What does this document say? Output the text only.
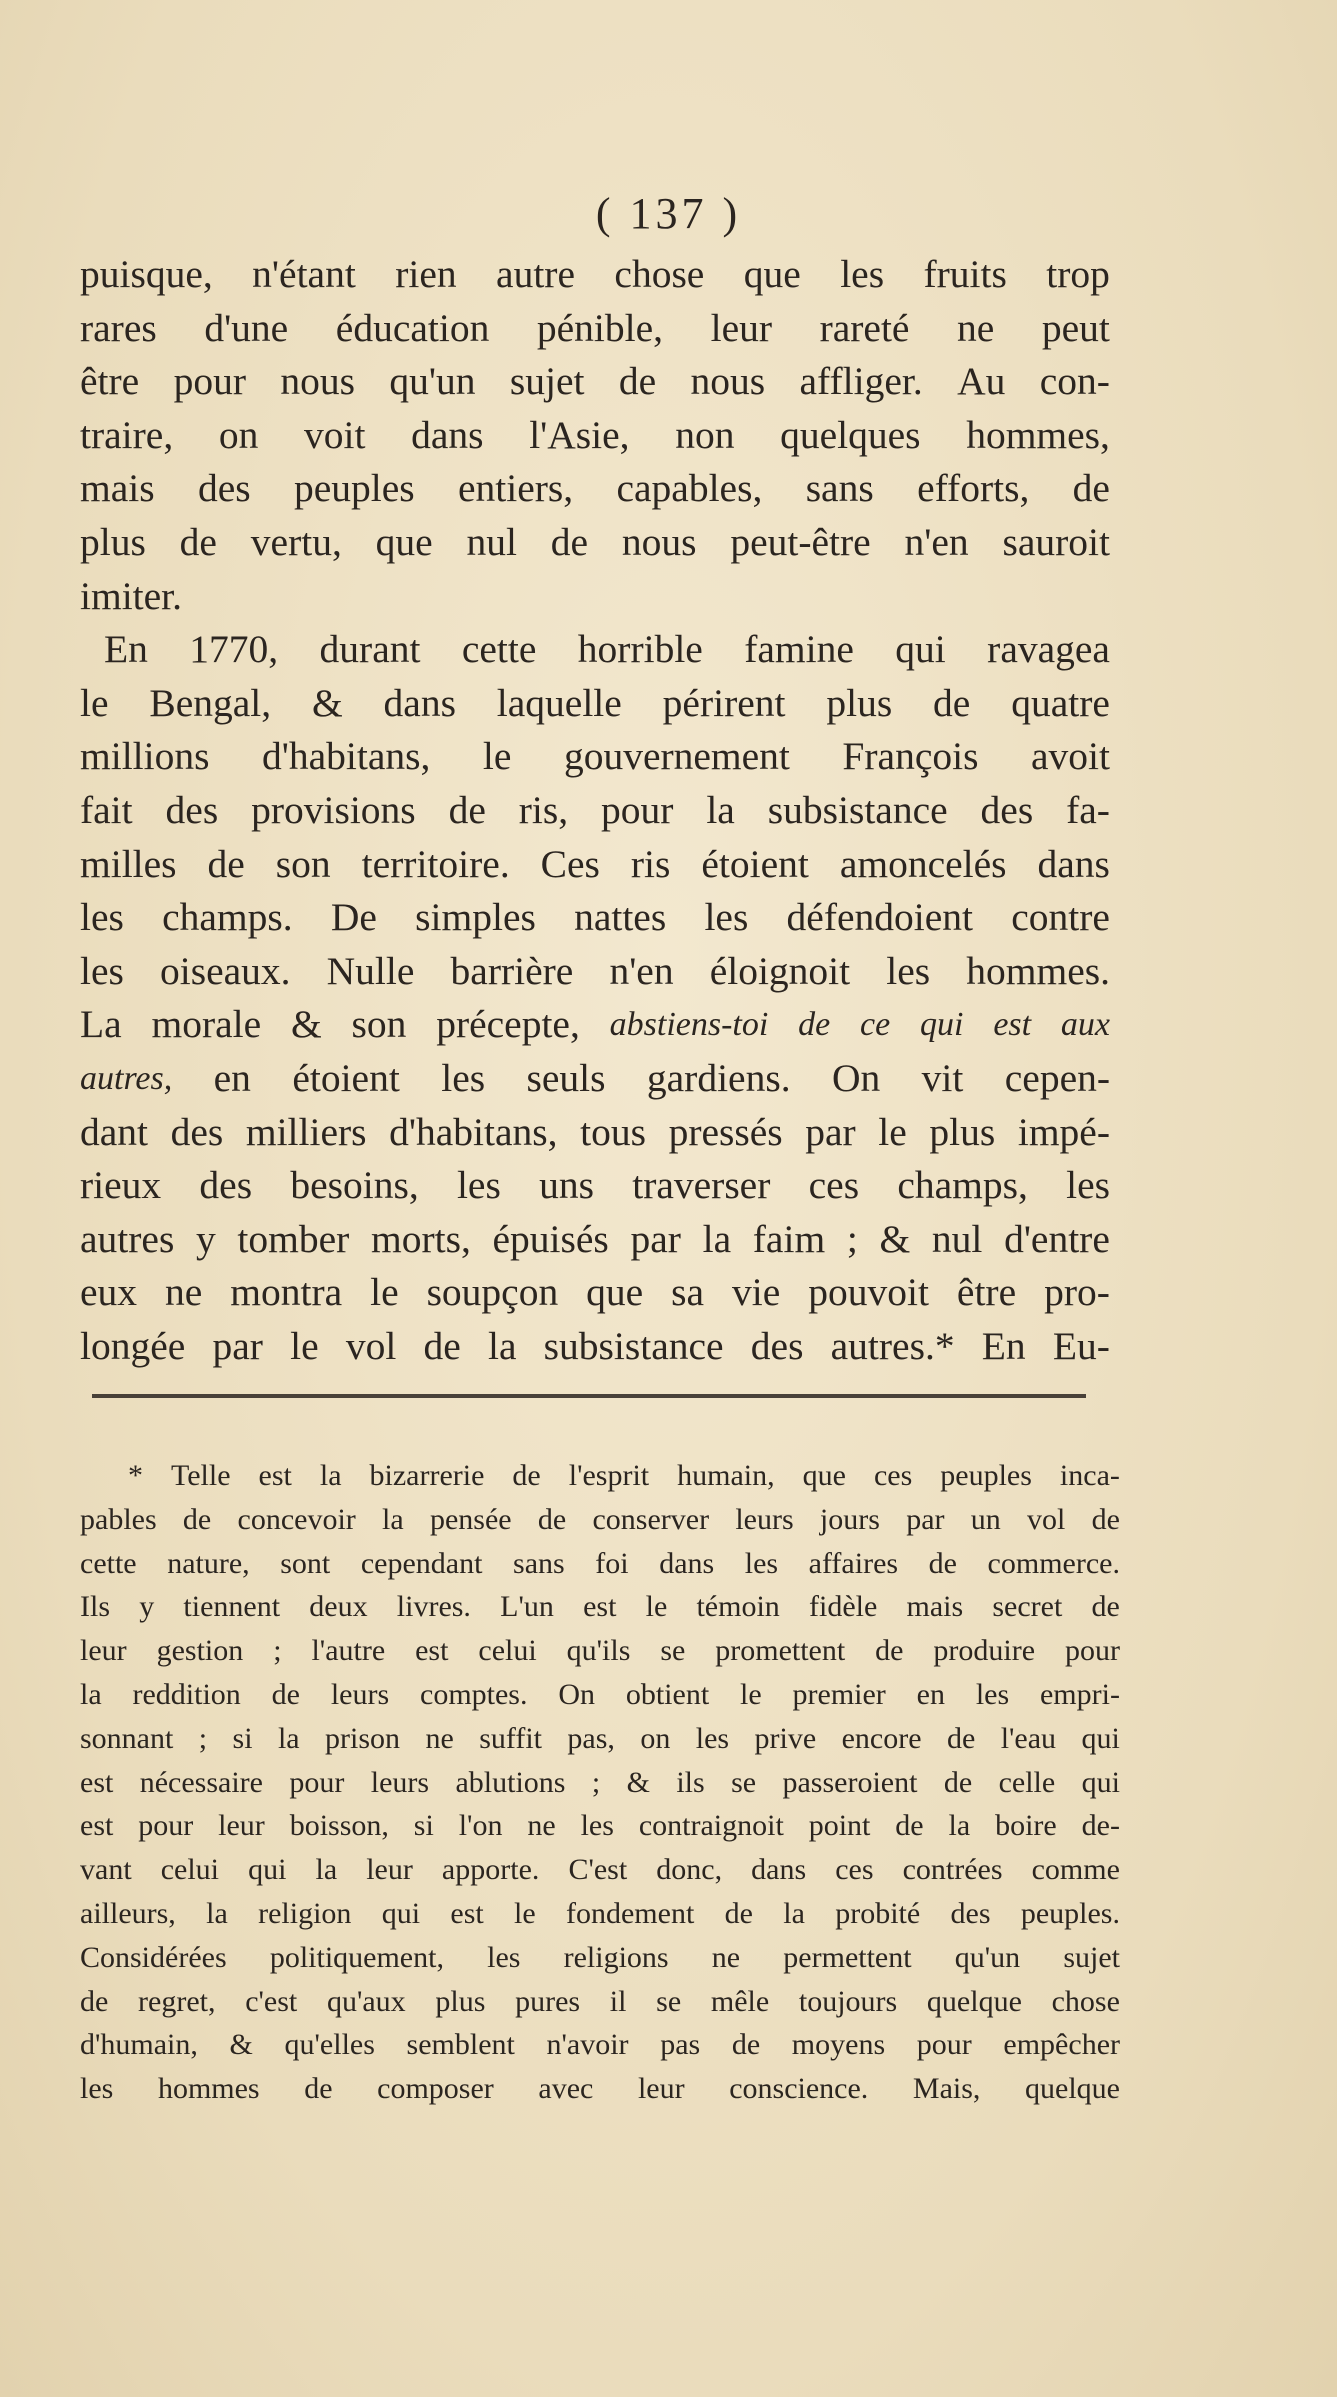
( 137 )
puisque, n'étant rien autre chose que les fruits trop
rares d'une éducation pénible, leur rareté ne peut
être pour nous qu'un sujet de nous affliger. Au con-
traire, on voit dans l'Asie, non quelques hommes,
mais des peuples entiers, capables, sans efforts, de
plus de vertu, que nul de nous peut-être n'en sauroit
imiter.
En 1770, durant cette horrible famine qui ravagea
le Bengal, & dans laquelle périrent plus de quatre
millions d'habitans, le gouvernement François avoit
fait des provisions de ris, pour la subsistance des fa-
milles de son territoire. Ces ris étoient amoncelés dans
les champs. De simples nattes les défendoient contre
les oiseaux. Nulle barrière n'en éloignoit les hommes.
La morale & son précepte, abstiens-toi de ce qui est aux
autres, en étoient les seuls gardiens. On vit cepen-
dant des milliers d'habitans, tous pressés par le plus impé-
rieux des besoins, les uns traverser ces champs, les
autres y tomber morts, épuisés par la faim ; & nul d'entre
eux ne montra le soupçon que sa vie pouvoit être pro-
longée par le vol de la subsistance des autres.* En Eu-
* Telle est la bizarrerie de l'esprit humain, que ces peuples inca-
pables de concevoir la pensée de conserver leurs jours par un vol de
cette nature, sont cependant sans foi dans les affaires de commerce.
Ils y tiennent deux livres. L'un est le témoin fidèle mais secret de
leur gestion ; l'autre est celui qu'ils se promettent de produire pour
la reddition de leurs comptes. On obtient le premier en les empri-
sonnant ; si la prison ne suffit pas, on les prive encore de l'eau qui
est nécessaire pour leurs ablutions ; & ils se passeroient de celle qui
est pour leur boisson, si l'on ne les contraignoit point de la boire de-
vant celui qui la leur apporte. C'est donc, dans ces contrées comme
ailleurs, la religion qui est le fondement de la probité des peuples.
Considérées politiquement, les religions ne permettent qu'un sujet
de regret, c'est qu'aux plus pures il se mêle toujours quelque chose
d'humain, & qu'elles semblent n'avoir pas de moyens pour empêcher
les hommes de composer avec leur conscience. Mais, quelque
